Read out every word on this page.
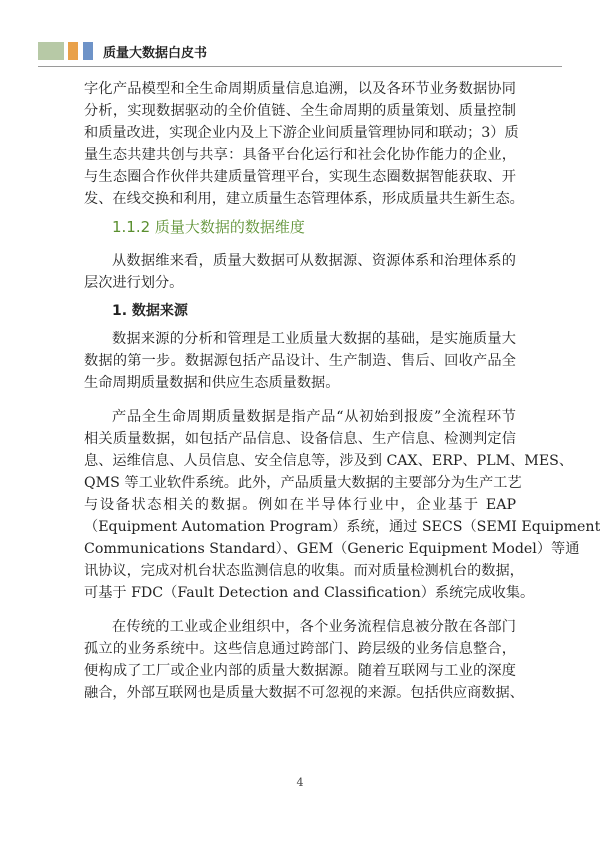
质量大数据白皮书

字化产品模型和全生命周期质量信息追溯，以及各环节业务数据协同

分析，实现数据驱动的全价值链、全生命周期的质量策划、质量控制

和质量改进，实现企业内及上下游企业间质量管理协同和联动；3）质

量生态共建共创与共享：具备平台化运行和社会化协作能力的企业，

与生态圈合作伙伴共建质量管理平台，实现生态圈数据智能获取、开

发、在线交换和利用，建立质量生态管理体系，形成质量共生新生态。

1.1.2 质量大数据的数据维度

从数据维来看，质量大数据可从数据源、资源体系和治理体系的

层次进行划分。

1. 数据来源

数据来源的分析和管理是工业质量大数据的基础，是实施质量大

数据的第一步。数据源包括产品设计、生产制造、售后、回收产品全

生命周期质量数据和供应生态质量数据。

产品全生命周期质量数据是指产品“从初始到报废”全流程环节

相关质量数据，如包括产品信息、设备信息、生产信息、检测判定信

息、运维信息、人员信息、安全信息等，涉及到 CAX、ERP、PLM、MES、

QMS 等工业软件系统。此外，产品质量大数据的主要部分为生产工艺

与设备状态相关的数据。例如在半导体行业中，企业基于 EAP

（Equipment Automation Program）系统，通过 SECS（SEMI Equipment

Communications Standard）、GEM（Generic Equipment Model）等通

讯协议，完成对机台状态监测信息的收集。而对质量检测机台的数据，

可基于 FDC（Fault Detection and Classification）系统完成收集。

在传统的工业或企业组织中，各个业务流程信息被分散在各部门

孤立的业务系统中。这些信息通过跨部门、跨层级的业务信息整合，

便构成了工厂或企业内部的质量大数据源。随着互联网与工业的深度

融合，外部互联网也是质量大数据不可忽视的来源。包括供应商数据、

4
